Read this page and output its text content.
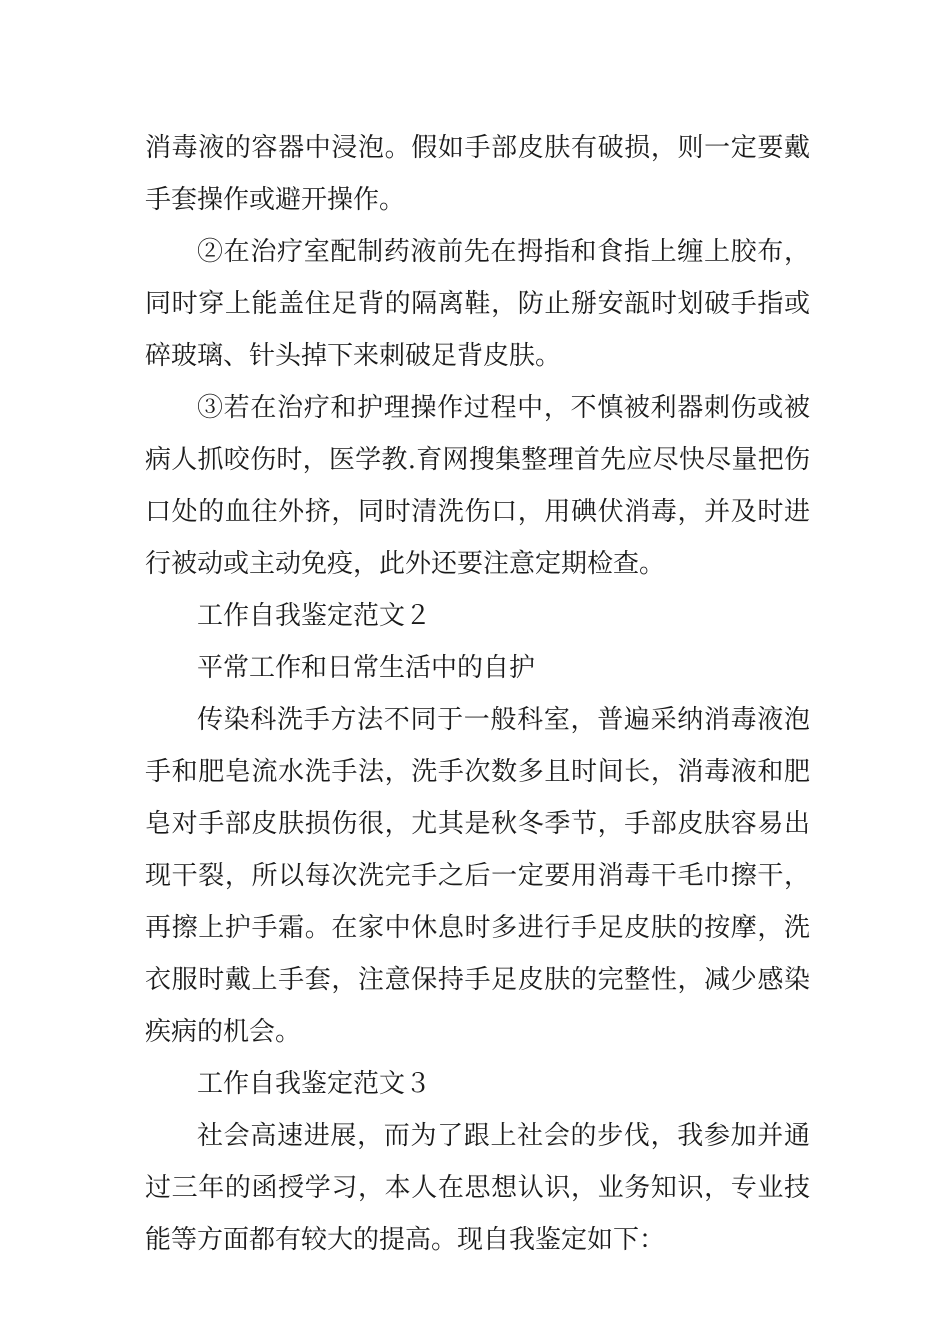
消毒液的容器中浸泡。假如手部皮肤有破损，则一定要戴
手套操作或避开操作。
②在治疗室配制药液前先在拇指和食指上缠上胶布，
同时穿上能盖住足背的隔离鞋，防止掰安瓿时划破手指或
碎玻璃、针头掉下来刺破足背皮肤。
③若在治疗和护理操作过程中，不慎被利器刺伤或被
病人抓咬伤时，医学教.育网搜集整理首先应尽快尽量把伤
口处的血往外挤，同时清洗伤口，用碘伏消毒，并及时进
行被动或主动免疫，此外还要注意定期检查。
工作自我鉴定范文２
平常工作和日常生活中的自护
传染科洗手方法不同于一般科室，普遍采纳消毒液泡
手和肥皂流水洗手法，洗手次数多且时间长，消毒液和肥
皂对手部皮肤损伤很，尤其是秋冬季节，手部皮肤容易出
现干裂，所以每次洗完手之后一定要用消毒干毛巾擦干，
再擦上护手霜。在家中休息时多进行手足皮肤的按摩，洗
衣服时戴上手套，注意保持手足皮肤的完整性，减少感染
疾病的机会。
工作自我鉴定范文３
社会高速进展，而为了跟上社会的步伐，我参加并通
过三年的函授学习，本人在思想认识，业务知识，专业技
能等方面都有较大的提高。现自我鉴定如下：
